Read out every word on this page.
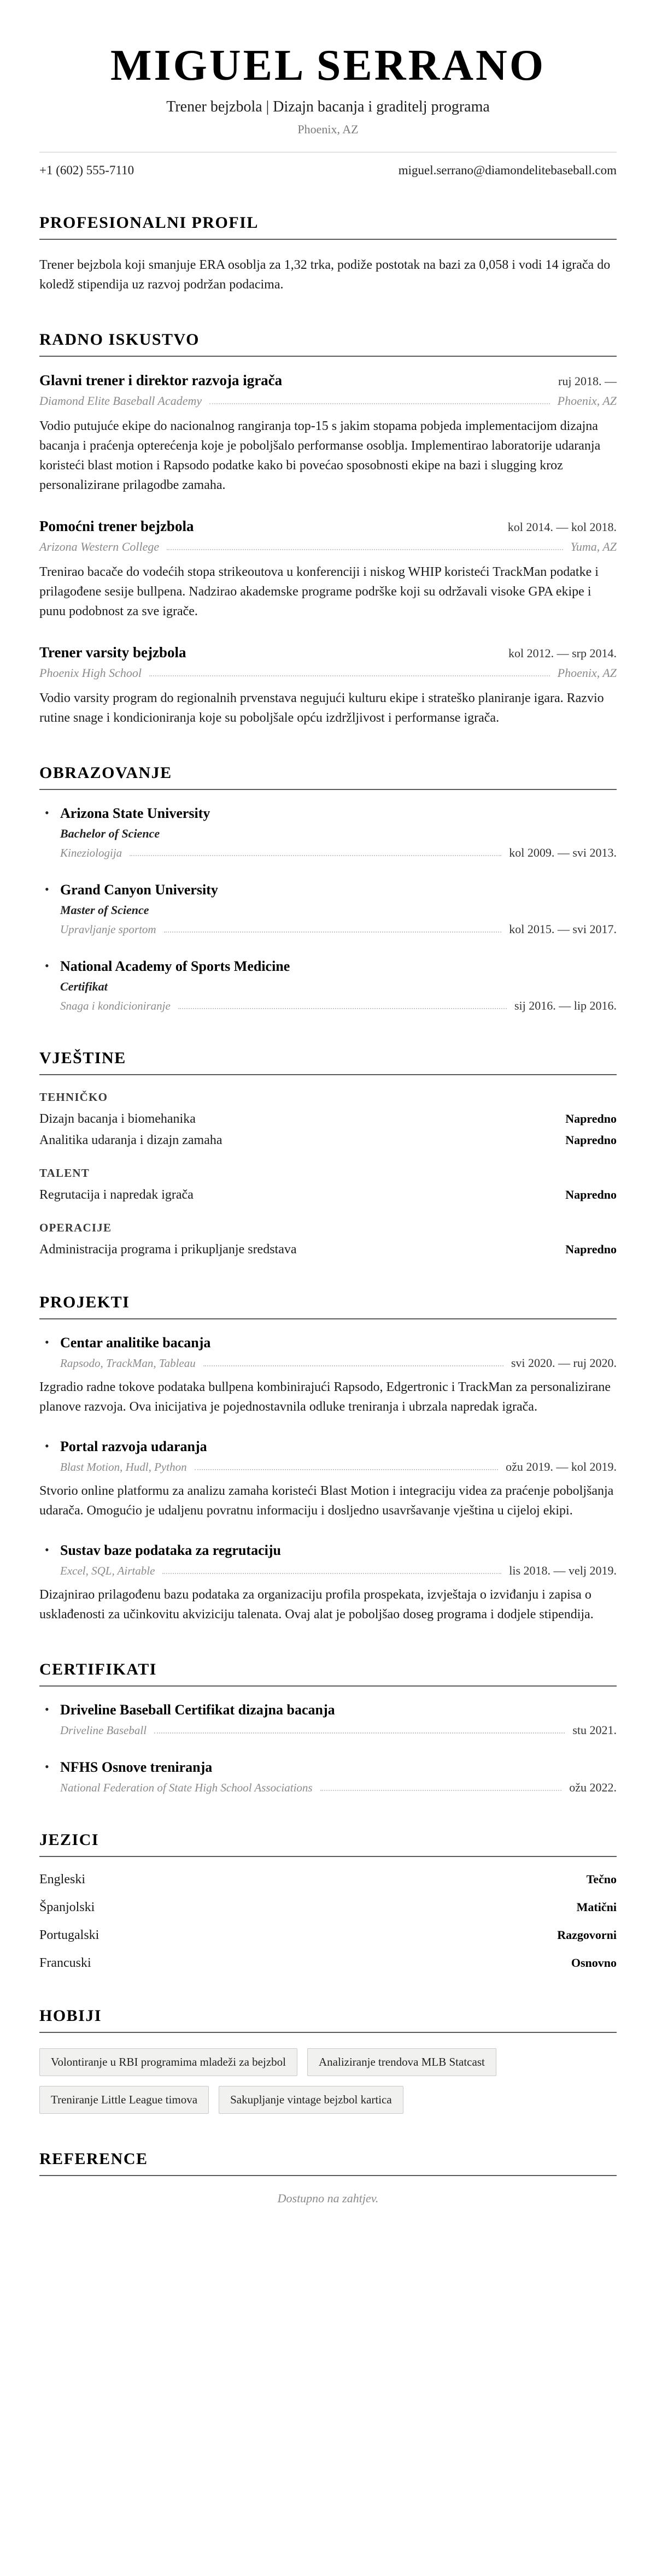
MIGUEL SERRANO
Trener bejzbola | Dizajn bacanja i graditelj programa
Phoenix, AZ
+1 (602) 555-7110	miguel.serrano@diamondelitebaseball.com
PROFESIONALNI PROFIL

Trener bejzbola koji smanjuje ERA osoblja za 1,32 trka, podiže postotak na bazi za 0,058 i vodi 14 igrača do koledž stipendija uz razvoj podržan podacima.

RADNO ISKUSTVO
Glavni trener i direktor razvoja igrača	ruj 2018. —
Diamond Elite Baseball Academy	Phoenix, AZ

Vodio putujuće ekipe do nacionalnog rangiranja top-15 s jakim stopama pobjeda implementacijom dizajna bacanja i praćenja opterećenja koje je poboljšalo performanse osoblja. Implementirao laboratorije udaranja koristeći blast motion i Rapsodo podatke kako bi povećao sposobnosti ekipe na bazi i slugging kroz personalizirane prilagodbe zamaha.

Pomoćni trener bejzbola	kol 2014. — kol 2018.
Arizona Western College	Yuma, AZ

Trenirao bacače do vodećih stopa strikeoutova u konferenciji i niskog WHIP koristeći TrackMan podatke i prilagođene sesije bullpena. Nadzirao akademske programe podrške koji su održavali visoke GPA ekipe i punu podobnost za sve igrače.

Trener varsity bejzbola	kol 2012. — srp 2014.
Phoenix High School	Phoenix, AZ

Vodio varsity program do regionalnih prvenstava negujući kulturu ekipe i strateško planiranje igara. Razvio rutine snage i kondicioniranja koje su poboljšale opću izdržljivost i performanse igrača.

OBRAZOVANJE
• Arizona State University
Bachelor of Science
Kineziologija	kol 2009. — svi 2013.
• Grand Canyon University
Master of Science
Upravljanje sportom	kol 2015. — svi 2017.
• National Academy of Sports Medicine
Certifikat
Snaga i kondicioniranje	sij 2016. — lip 2016.
VJEŠTINE
TEHNIČKO
Dizajn bacanja i biomehanika	Napredno
Analitika udaranja i dizajn zamaha	Napredno
TALENT
Regrutacija i napredak igrača	Napredno
OPERACIJE
Administracija programa i prikupljanje sredstava	Napredno
PROJEKTI
• Centar analitike bacanja
Rapsodo, TrackMan, Tableau	svi 2020. — ruj 2020.

Izgradio radne tokove podataka bullpena kombinirajući Rapsodo, Edgertronic i TrackMan za personalizirane planove razvoja. Ova inicijativa je pojednostavnila odluke treniranja i ubrzala napredak igrača.

• Portal razvoja udaranja
Blast Motion, Hudl, Python	ožu 2019. — kol 2019.

Stvorio online platformu za analizu zamaha koristeći Blast Motion i integraciju videa za praćenje poboljšanja udarača. Omogućio je udaljenu povratnu informaciju i dosljedno usavršavanje vještina u cijeloj ekipi.

• Sustav baze podataka za regrutaciju
Excel, SQL, Airtable	lis 2018. — velj 2019.

Dizajnirao prilagođenu bazu podataka za organizaciju profila prospekata, izvještaja o izviđanju i zapisa o usklađenosti za učinkovitu akviziciju talenata. Ovaj alat je poboljšao doseg programa i dodjele stipendija.

CERTIFIKATI
• Driveline Baseball Certifikat dizajna bacanja
Driveline Baseball	stu 2021.
• NFHS Osnove treniranja
National Federation of State High School Associations	ožu 2022.
JEZICI
Engleski	Tečno
Španjolski	Matični
Portugalski	Razgovorni
Francuski	Osnovno
HOBIJI
Volontiranje u RBI programima mladeži za bejzbol	Analiziranje trendova MLB Statcast
Treniranje Little League timova	Sakupljanje vintage bejzbol kartica
REFERENCE

Dostupno na zahtjev.
